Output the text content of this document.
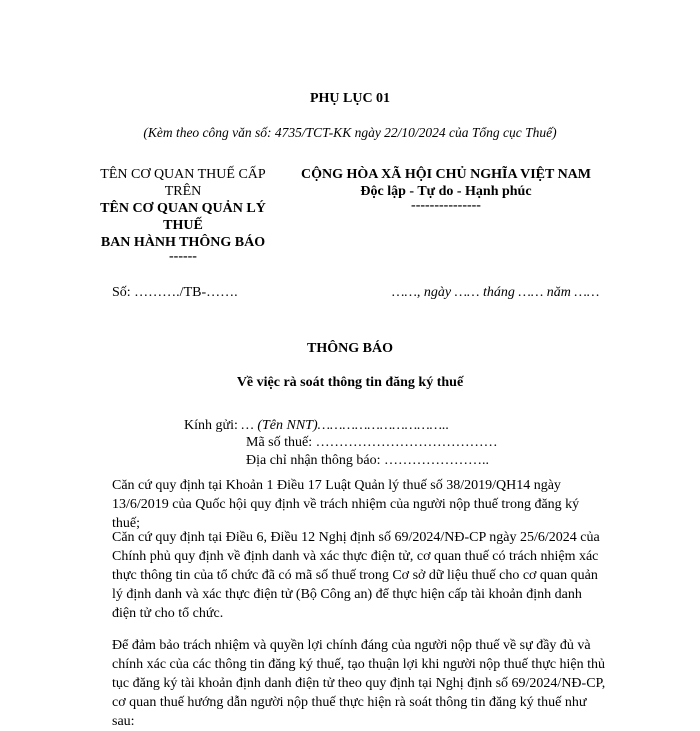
PHỤ LỤC 01
(Kèm theo công văn số: 4735/TCT-KK ngày 22/10/2024 của Tổng cục Thuế)
TÊN CƠ QUAN THUẾ CẤP TRÊN
TÊN CƠ QUAN QUẢN LÝ THUẾ
BAN HÀNH THÔNG BÁO
------
CỘNG HÒA XÃ HỘI CHỦ NGHĨA VIỆT NAM
Độc lập - Tự do - Hạnh phúc
---------------
Số: ………./TB-…….	……, ngày …… tháng …… năm ……
THÔNG BÁO
Về việc rà soát thông tin đăng ký thuế
Kính gửi: … (Tên NNT)…………………………..
Mã số thuế: …………………………………
Địa chỉ nhận thông báo: …………………..
Căn cứ quy định tại Khoản 1 Điều 17 Luật Quản lý thuế số 38/2019/QH14 ngày 13/6/2019 của Quốc hội quy định về trách nhiệm của người nộp thuế trong đăng ký thuế;
Căn cứ quy định tại Điều 6, Điều 12 Nghị định số 69/2024/NĐ-CP ngày 25/6/2024 của Chính phủ quy định về định danh và xác thực điện tử, cơ quan thuế có trách nhiệm xác thực thông tin của tổ chức đã có mã số thuế trong Cơ sở dữ liệu thuế cho cơ quan quản lý định danh và xác thực điện tử (Bộ Công an) để thực hiện cấp tài khoản định danh điện tử cho tổ chức.
Để đảm bảo trách nhiệm và quyền lợi chính đáng của người nộp thuế về sự đầy đủ và chính xác của các thông tin đăng ký thuế, tạo thuận lợi khi người nộp thuế thực hiện thủ tục đăng ký tài khoản định danh điện tử theo quy định tại Nghị định số 69/2024/NĐ-CP, cơ quan thuế hướng dẫn người nộp thuế thực hiện rà soát thông tin đăng ký thuế như sau:
